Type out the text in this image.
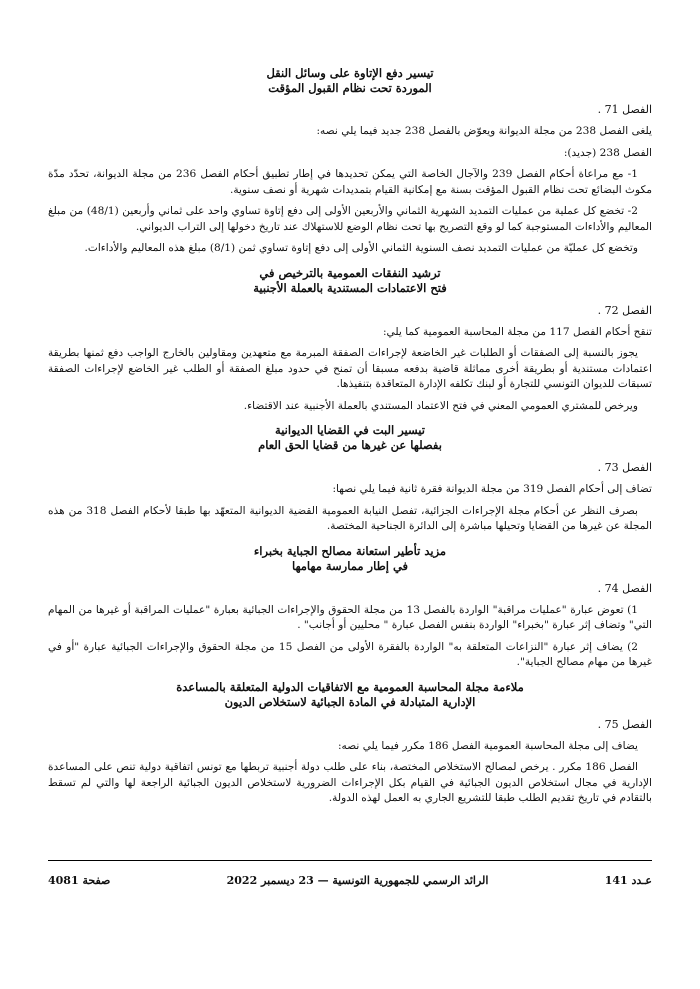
تيسير دفع الإتاوة على وسائل النقل
الموردة تحت نظام القبول المؤقت
الفصل 71 .

يلغى الفصل 238 من مجلة الديوانة ويعوّض بالفصل 238 جديد فيما يلي نصه:

الفصل 238 (جديد):

1- مع مراعاة أحكام الفصل 239 والآجال الخاصة التي يمكن تحديدها في إطار تطبيق أحكام الفصل 236 من مجلة الديوانة، تحدّد مدّة مكوث البضائع تحت نظام القبول المؤقت بسنة مع إمكانية القيام بتمديدات شهرية أو نصف سنوية.

2- تخضع كل عملية من عمليات التمديد الشهرية الثماني والأربعين الأولى إلى دفع إتاوة تساوي واحد على ثماني وأربعين (48/1) من مبلغ المعاليم والأداءات المستوجبة كما لو وقع التصريح بها تحت نظام الوضع للاستهلاك عند تاريخ دخولها إلى التراب الديواني.

وتخضع كل عمليّة من عمليات التمديد نصف السنوية الثماني الأولى إلى دفع إتاوة تساوي ثمن (8/1) مبلغ هذه المعاليم والأداءات.

ترشيد النفقات العمومية بالترخيص في
فتح الاعتمادات المستندية بالعملة الأجنبية
الفصل 72 .

تنقح أحكام الفصل 117 من مجلة المحاسبة العمومية كما يلي:

يجوز بالنسبة إلى الصفقات أو الطلبات غير الخاضعة لإجراءات الصفقة المبرمة مع متعهدين ومقاولين بالخارج الواجب دفع ثمنها بطريقة اعتمادات مستندية أو بطريقة أخرى مماثلة قاضية بدفعه مسبقا أن تمنح في حدود مبلغ الصفقة أو الطلب غير الخاضع لإجراءات الصفقة تسبقات للديوان التونسي للتجارة أو لبنك تكلفه الإدارة المتعاقدة بتنفيذها.

ويرخص للمشتري العمومي المعني في فتح الاعتماد المستندي بالعملة الأجنبية عند الاقتضاء.

تيسير البت في القضايا الديوانية
بفصلها عن غيرها من قضايا الحق العام
الفصل 73 .

تضاف إلى أحكام الفصل 319 من مجلة الديوانة فقرة ثانية فيما يلي نصها:

بصرف النظر عن أحكام مجلة الإجراءات الجزائية، تفصل النيابة العمومية القضية الديوانية المتعهّد بها طبقا لأحكام الفصل 318 من هذه المجلة عن غيرها من القضايا وتحيلها مباشرة إلى الدائرة الجناحية المختصة.

مزيد تأطير استعانة مصالح الجباية بخبراء
في إطار ممارسة مهامها
الفصل 74 .

1) تعوض عبارة "عمليات مراقبة" الواردة بالفصل 13 من مجلة الحقوق والإجراءات الجبائية بعبارة "عمليات المراقبة أو غيرها من المهام التي" وتضاف إثر عبارة "بخبراء" الواردة بنفس الفصل عبارة " محليين أو أجانب" .

2) يضاف إثر عبارة "النزاعات المتعلقة به" الواردة بالفقرة الأولى من الفصل 15 من مجلة الحقوق والإجراءات الجبائية عبارة "أو في غيرها من مهام مصالح الجباية".

ملاءمة مجلة المحاسبة العمومية مع الاتفاقيات الدولية المتعلقة بالمساعدة
الإدارية المتبادلة في المادة الجبائية لاستخلاص الديون
الفصل 75 .

يضاف إلى مجلة المحاسبة العمومية الفصل 186 مكرر فيما يلي نصه:

الفصل 186 مكرر . يرخص لمصالح الاستخلاص المختصة، بناء على طلب دولة أجنبية تربطها مع تونس اتفاقية دولية تنص على المساعدة الإدارية في مجال استخلاص الديون الجبائية في القيام بكل الإجراءات الضرورية لاستخلاص الديون الجبائية الراجعة لها والتي لم تسقط بالتقادم في تاريخ تقديم الطلب طبقا للتشريع الجاري به العمل لهذه الدولة.

عـدد 141
الرائد الرسمي للجمهورية التونسية — 23 ديسمبر 2022
صفحة 4081
